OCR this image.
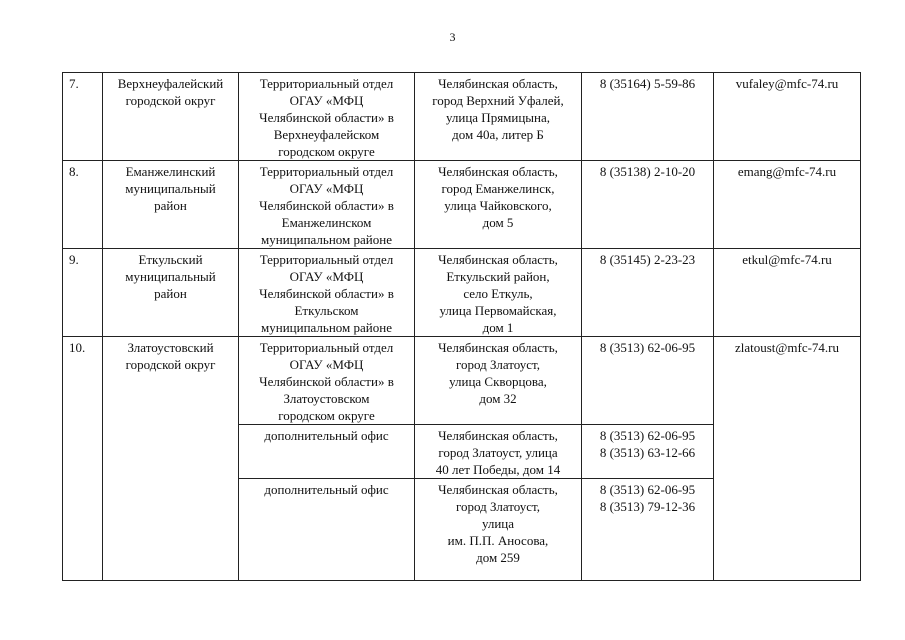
3
7.	Верхнеуфалейский
городской округ	Территориальный отдел
ОГАУ «МФЦ
Челябинской области» в
Верхнеуфалейском
городском округе	Челябинская область,
город Верхний Уфалей,
улица Прямицына,
дом 40а, литер Б	8 (35164) 5-59-86	vufaley@mfc-74.ru
8.	Еманжелинский
муниципальный
район	Территориальный отдел
ОГАУ «МФЦ
Челябинской области» в
Еманжелинском
муниципальном районе	Челябинская область,
город Еманжелинск,
улица Чайковского,
дом 5	8 (35138) 2-10-20	emang@mfc-74.ru
9.	Еткульский
муниципальный
район	Территориальный отдел
ОГАУ «МФЦ
Челябинской области» в
Еткульском
муниципальном районе	Челябинская область,
Еткульский район,
село Еткуль,
улица Первомайская,
дом 1	8 (35145) 2-23-23	etkul@mfc-74.ru
10.	Златоустовский
городской округ	Территориальный отдел
ОГАУ «МФЦ
Челябинской области» в
Златоустовском
городском округе	Челябинская область,
город Златоуст,
улица Скворцова,
дом 32	8 (3513) 62-06-95	zlatoust@mfc-74.ru

		дополнительный офис	Челябинская область,
город Златоуст, улица
40 лет Победы, дом 14	8 (3513) 62-06-95
8 (3513) 63-12-66	

		дополнительный офис	Челябинская область,
город Златоуст,
улица
им. П.П. Аносова,
дом 259	8 (3513) 62-06-95
8 (3513) 79-12-36	
